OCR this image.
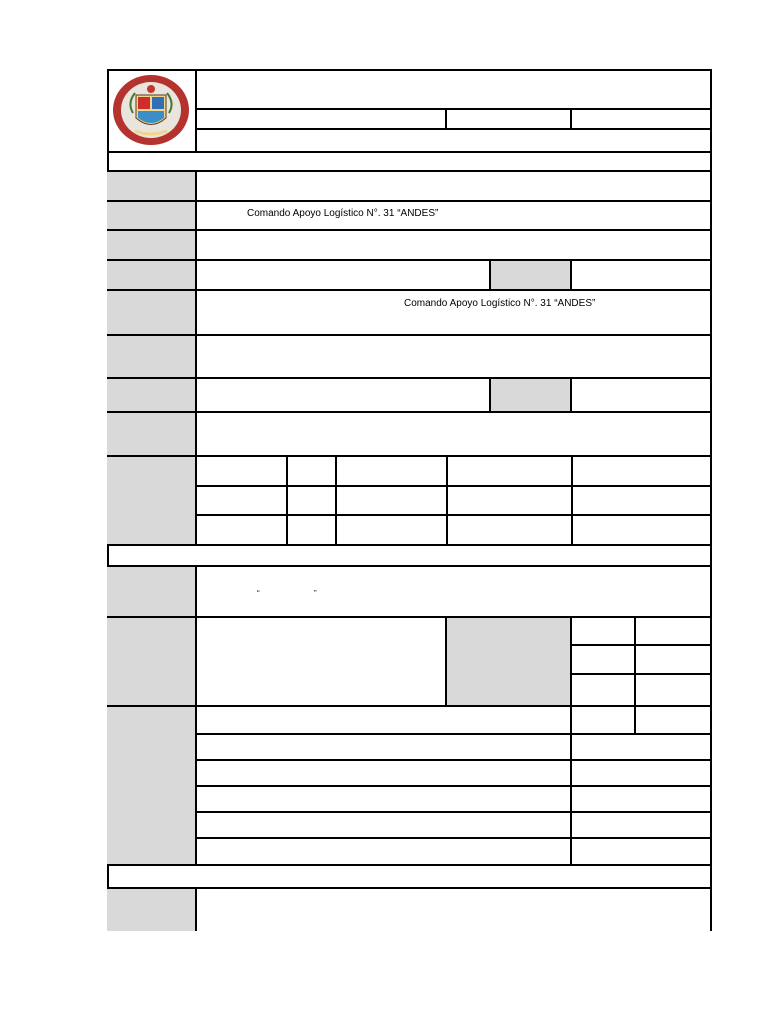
Comando Apoyo Logístico N°. 31 “ANDES”
Comando Apoyo Logístico N°. 31 “ANDES”
“	”
